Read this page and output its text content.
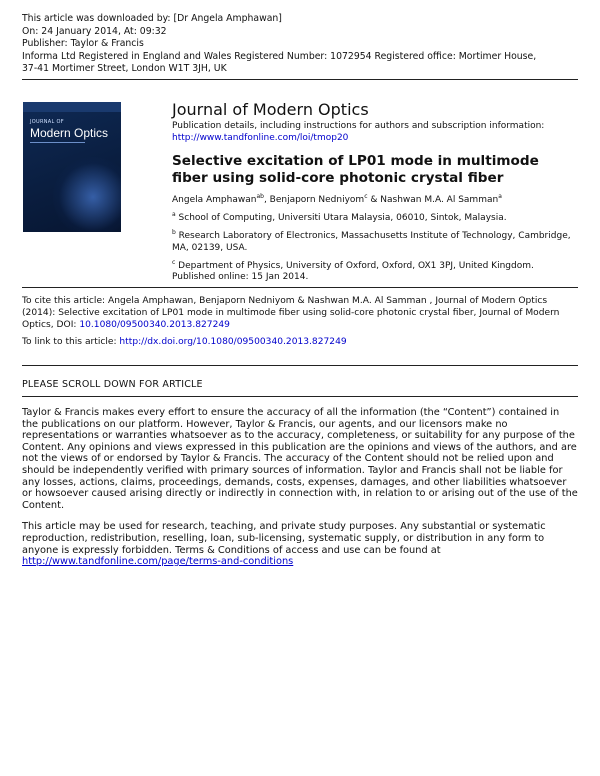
This article was downloaded by: [Dr Angela Amphawan]
On: 24 January 2014, At: 09:32
Publisher: Taylor & Francis
Informa Ltd Registered in England and Wales Registered Number: 1072954 Registered office: Mortimer House,
37-41 Mortimer Street, London W1T 3JH, UK
JOURNAL OF
Modern Optics
Journal of Modern Optics
Publication details, including instructions for authors and subscription information:
http://www.tandfonline.com/loi/tmop20
Selective excitation of LP01 mode in multimode fiber using solid-core photonic crystal fiber
Angela Amphawan$^{ab}$, Benjaporn Nedniyom$^c$ & Nashwan M.A. Al Samman$^a$
$^a$ School of Computing, Universiti Utara Malaysia, 06010, Sintok, Malaysia.
$^b$ Research Laboratory of Electronics, Massachusetts Institute of Technology, Cambridge, MA, 02139, USA.
$^c$ Department of Physics, University of Oxford, Oxford, OX1 3PJ, United Kingdom.
Published online: 15 Jan 2014.
To cite this article: Angela Amphawan, Benjaporn Nedniyom & Nashwan M.A. Al Samman , Journal of Modern Optics (2014): Selective excitation of LP01 mode in multimode fiber using solid-core photonic crystal fiber, Journal of Modern Optics, DOI: 10.1080/09500340.2013.827249
To link to this article: http://dx.doi.org/10.1080/09500340.2013.827249
PLEASE SCROLL DOWN FOR ARTICLE

Taylor & Francis makes every effort to ensure the accuracy of all the information (the “Content”) contained in the publications on our platform. However, Taylor & Francis, our agents, and our licensors make no representations or warranties whatsoever as to the accuracy, completeness, or suitability for any purpose of the Content. Any opinions and views expressed in this publication are the opinions and views of the authors, and are not the views of or endorsed by Taylor & Francis. The accuracy of the Content should not be relied upon and should be independently verified with primary sources of information. Taylor and Francis shall not be liable for any losses, actions, claims, proceedings, demands, costs, expenses, damages, and other liabilities whatsoever or howsoever caused arising directly or indirectly in connection with, in relation to or arising out of the use of the Content.

This article may be used for research, teaching, and private study purposes. Any substantial or systematic reproduction, redistribution, reselling, loan, sub-licensing, systematic supply, or distribution in any form to anyone is expressly forbidden. Terms & Conditions of access and use can be found at http://www.tandfonline.com/page/terms-and-conditions
